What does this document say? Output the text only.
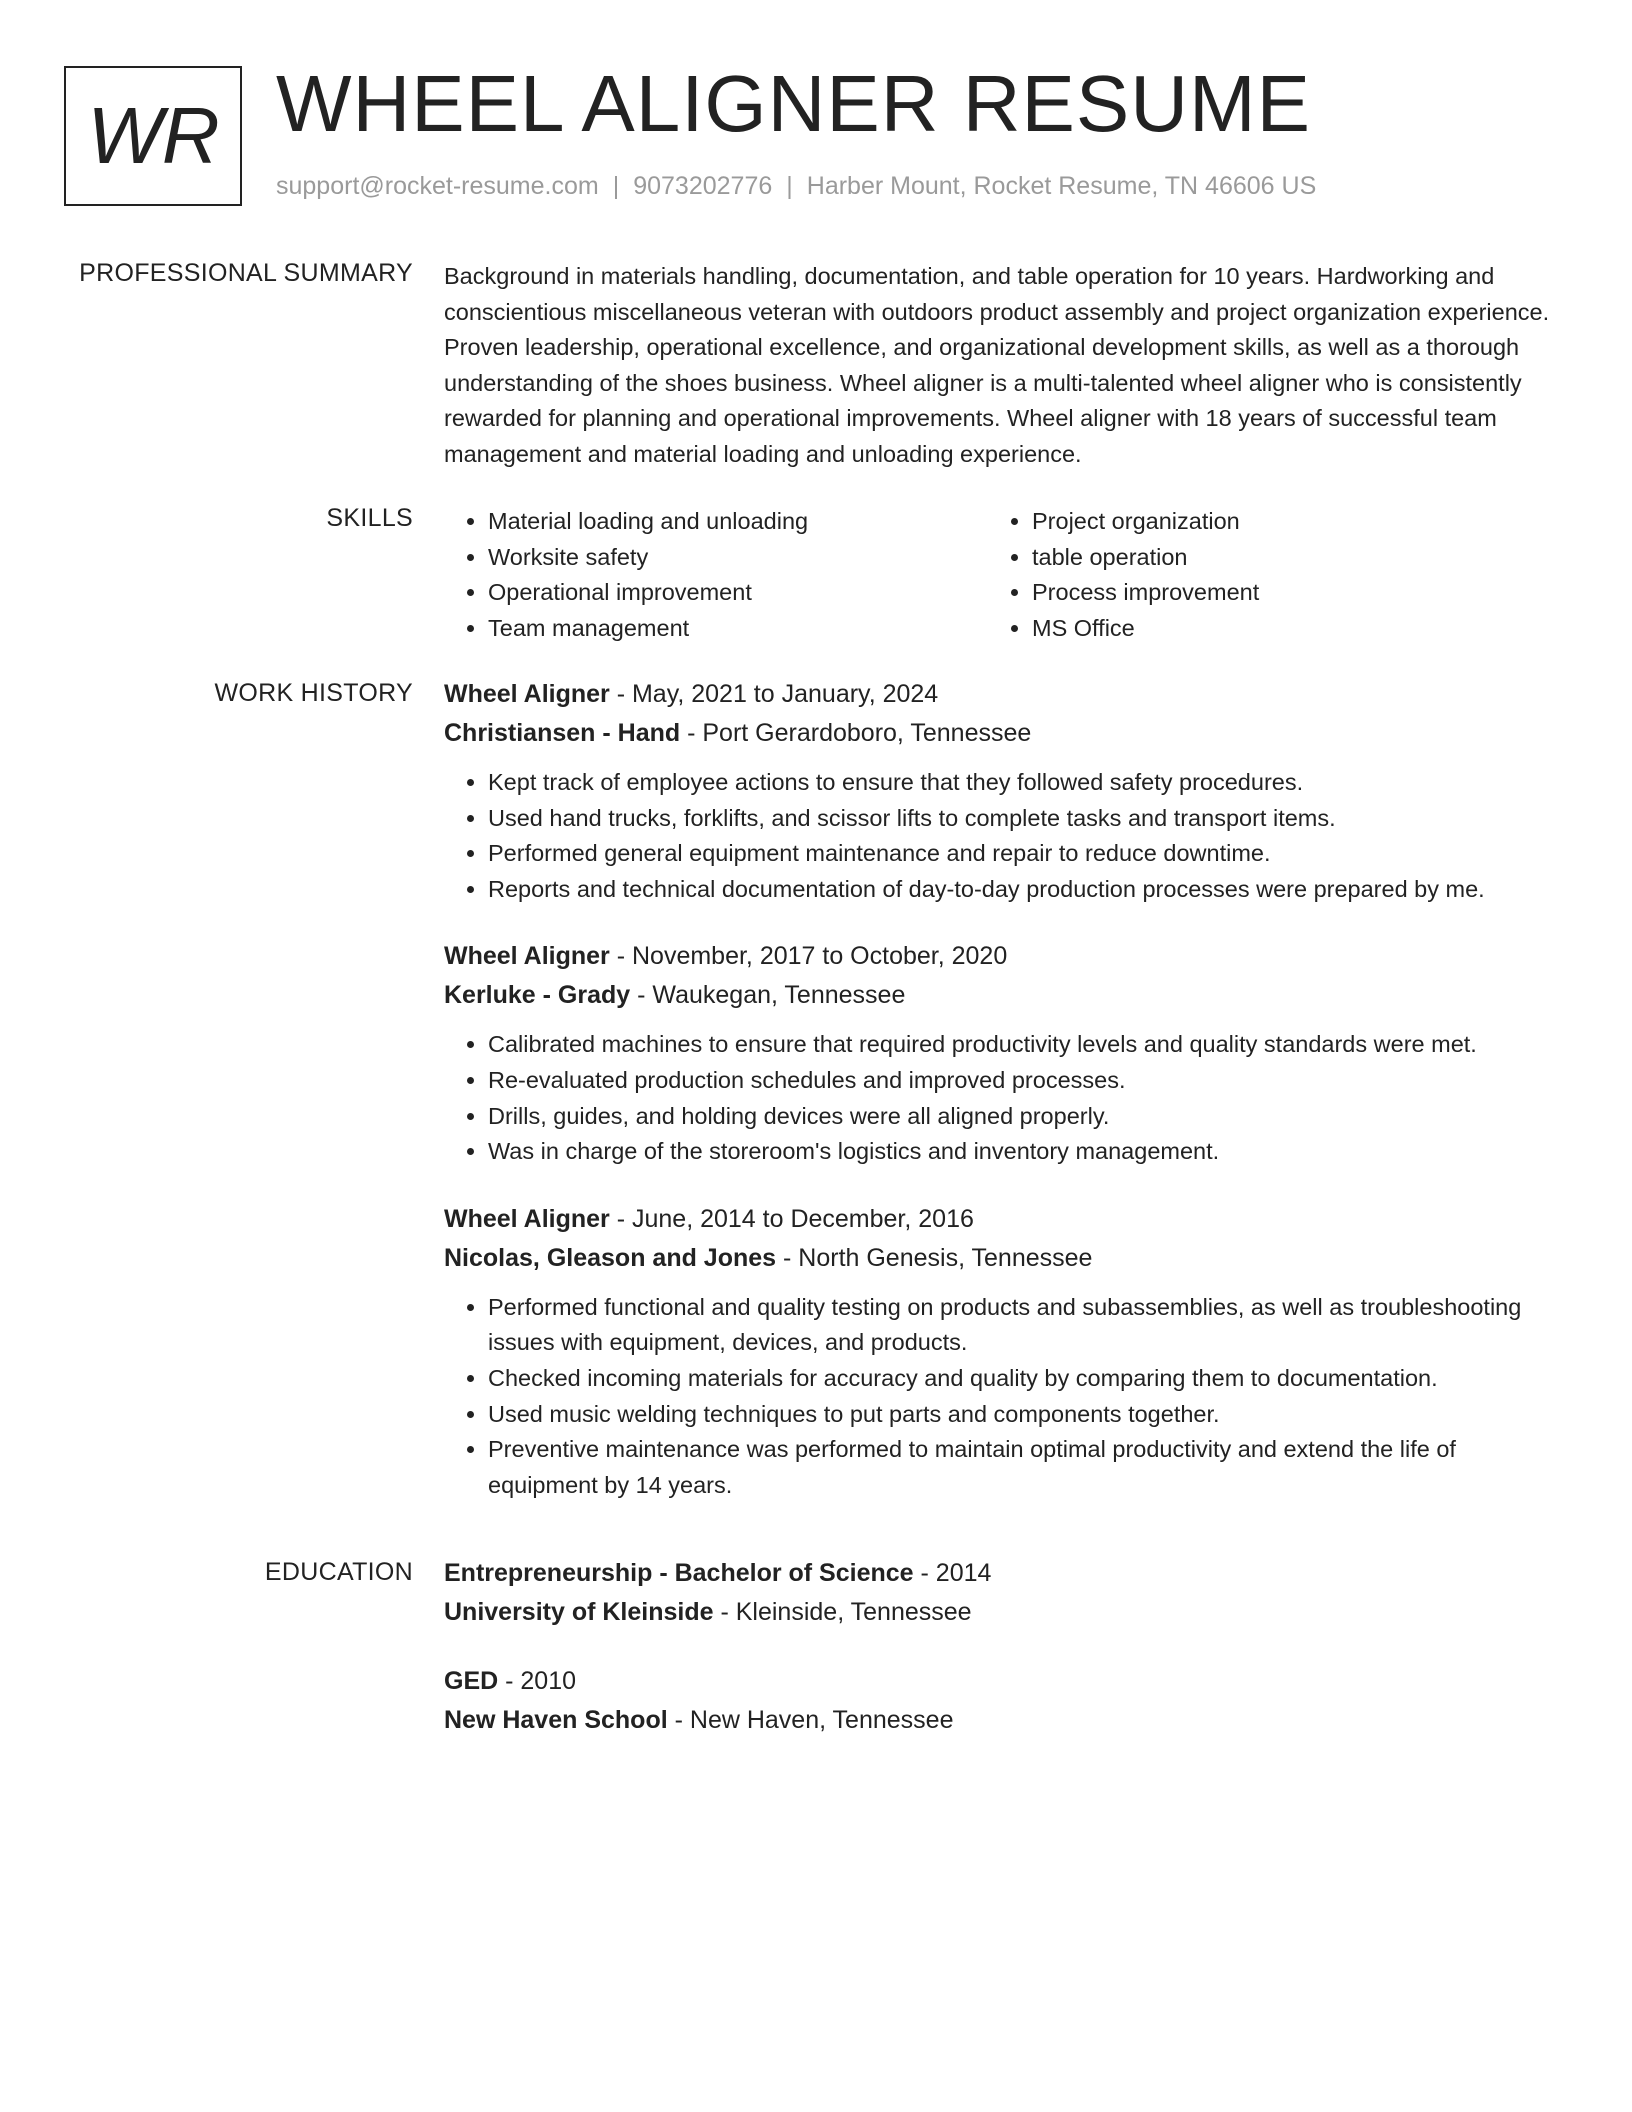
WR WHEEL ALIGNER RESUME
support@rocket-resume.com | 9073202776 | Harber Mount, Rocket Resume, TN 46606 US
PROFESSIONAL SUMMARY Background in materials handling, documentation, and table operation for 10 years. Hardworking and conscientious miscellaneous veteran with outdoors product assembly and project organization experience. Proven leadership, operational excellence, and organizational development skills, as well as a thorough understanding of the shoes business. Wheel aligner is a multi-talented wheel aligner who is consistently rewarded for planning and operational improvements. Wheel aligner with 18 years of successful team management and material loading and unloading experience.

SKILLS
•	Material loading and unloading
• Worksite safety
• Operational improvement
• Team management
• Project organization
• table operation
• Process improvement
• MS Office
WORK HISTORY Wheel Aligner - May, 2021 to January, 2024
Christiansen - Hand - Port Gerardoboro, Tennessee
• Kept track of employee actions to ensure that they followed safety procedures.
• Used hand trucks, forklifts, and scissor lifts to complete tasks and transport items.
• Performed general equipment maintenance and repair to reduce downtime.
• Reports and technical documentation of day-to-day production processes were prepared by me.
Wheel Aligner - November, 2017 to October, 2020
Kerluke - Grady - Waukegan, Tennessee
• Calibrated machines to ensure that required productivity levels and quality standards were met.
• Re-evaluated production schedules and improved processes.
• Drills, guides, and holding devices were all aligned properly.
• Was in charge of the storeroom's logistics and inventory management.
Wheel Aligner - June, 2014 to December, 2016
Nicolas, Gleason and Jones - North Genesis, Tennessee
• Performed functional and quality testing on products and subassemblies, as well as troubleshooting issues with equipment, devices, and products.
• Checked incoming materials for accuracy and quality by comparing them to documentation.
• Used music welding techniques to put parts and components together.
• Preventive maintenance was performed to maintain optimal productivity and extend the life of equipment by 14 years.
EDUCATION Entrepreneurship - Bachelor of Science - 2014
University of Kleinside - Kleinside, Tennessee
GED - 2010
New Haven School - New Haven, Tennessee
